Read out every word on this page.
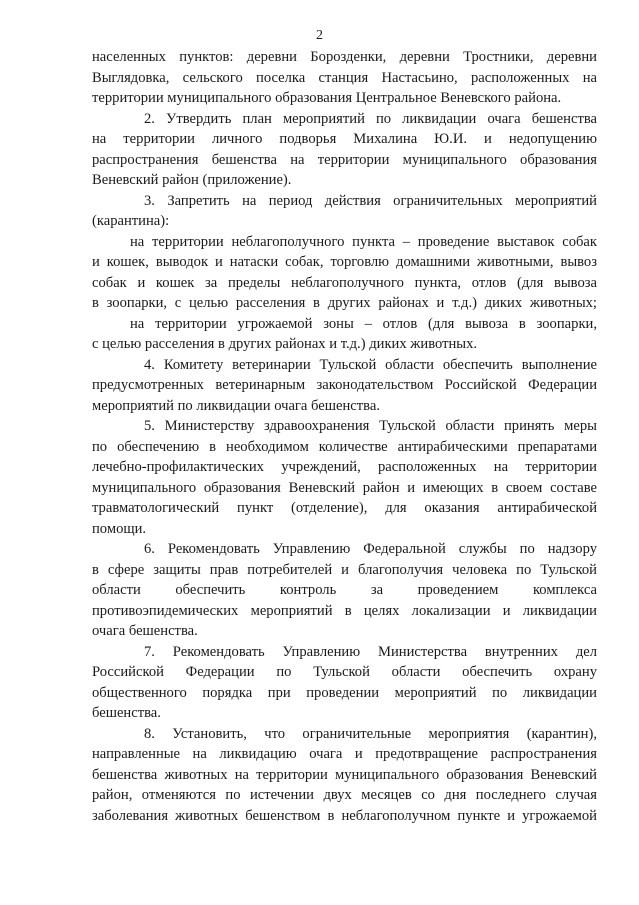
2
населенных пунктов: деревни Борозденки, деревни Тростники, деревни
Выглядовка, сельского поселка станция Настасьино, расположенных на
территории муниципального образования Центральное Веневского района.
2. Утвердить план мероприятий по ликвидации очага бешенства
на территории личного подворья Михалина Ю.И. и недопущению
распространения бешенства на территории муниципального образования
Веневский район (приложение).
3. Запретить на период действия ограничительных мероприятий
(карантина):
на территории неблагополучного пункта – проведение выставок собак
и кошек, выводок и натаски собак, торговлю домашними животными, вывоз
собак и кошек за пределы неблагополучного пункта, отлов (для вывоза
в зоопарки, с целью расселения в других районах и т.д.) диких животных;
на территории угрожаемой зоны – отлов (для вывоза в зоопарки,
с целью расселения в других районах и т.д.) диких животных.
4. Комитету ветеринарии Тульской области обеспечить выполнение
предусмотренных ветеринарным законодательством Российской Федерации
мероприятий по ликвидации очага бешенства.
5. Министерству здравоохранения Тульской области принять меры
по обеспечению в необходимом количестве антирабическими препаратами
лечебно-профилактических учреждений, расположенных на территории
муниципального образования Веневский район и имеющих в своем составе
травматологический пункт (отделение), для оказания антирабической
помощи.
6. Рекомендовать Управлению Федеральной службы по надзору
в сфере защиты прав потребителей и благополучия человека по Тульской
области обеспечить контроль за проведением комплекса
противоэпидемических мероприятий в целях локализации и ликвидации
очага бешенства.
7. Рекомендовать Управлению Министерства внутренних дел
Российской Федерации по Тульской области обеспечить охрану
общественного порядка при проведении мероприятий по ликвидации
бешенства.
8. Установить, что ограничительные мероприятия (карантин),
направленные на ликвидацию очага и предотвращение распространения
бешенства животных на территории муниципального образования Веневский
район, отменяются по истечении двух месяцев со дня последнего случая
заболевания животных бешенством в неблагополучном пункте и угрожаемой
